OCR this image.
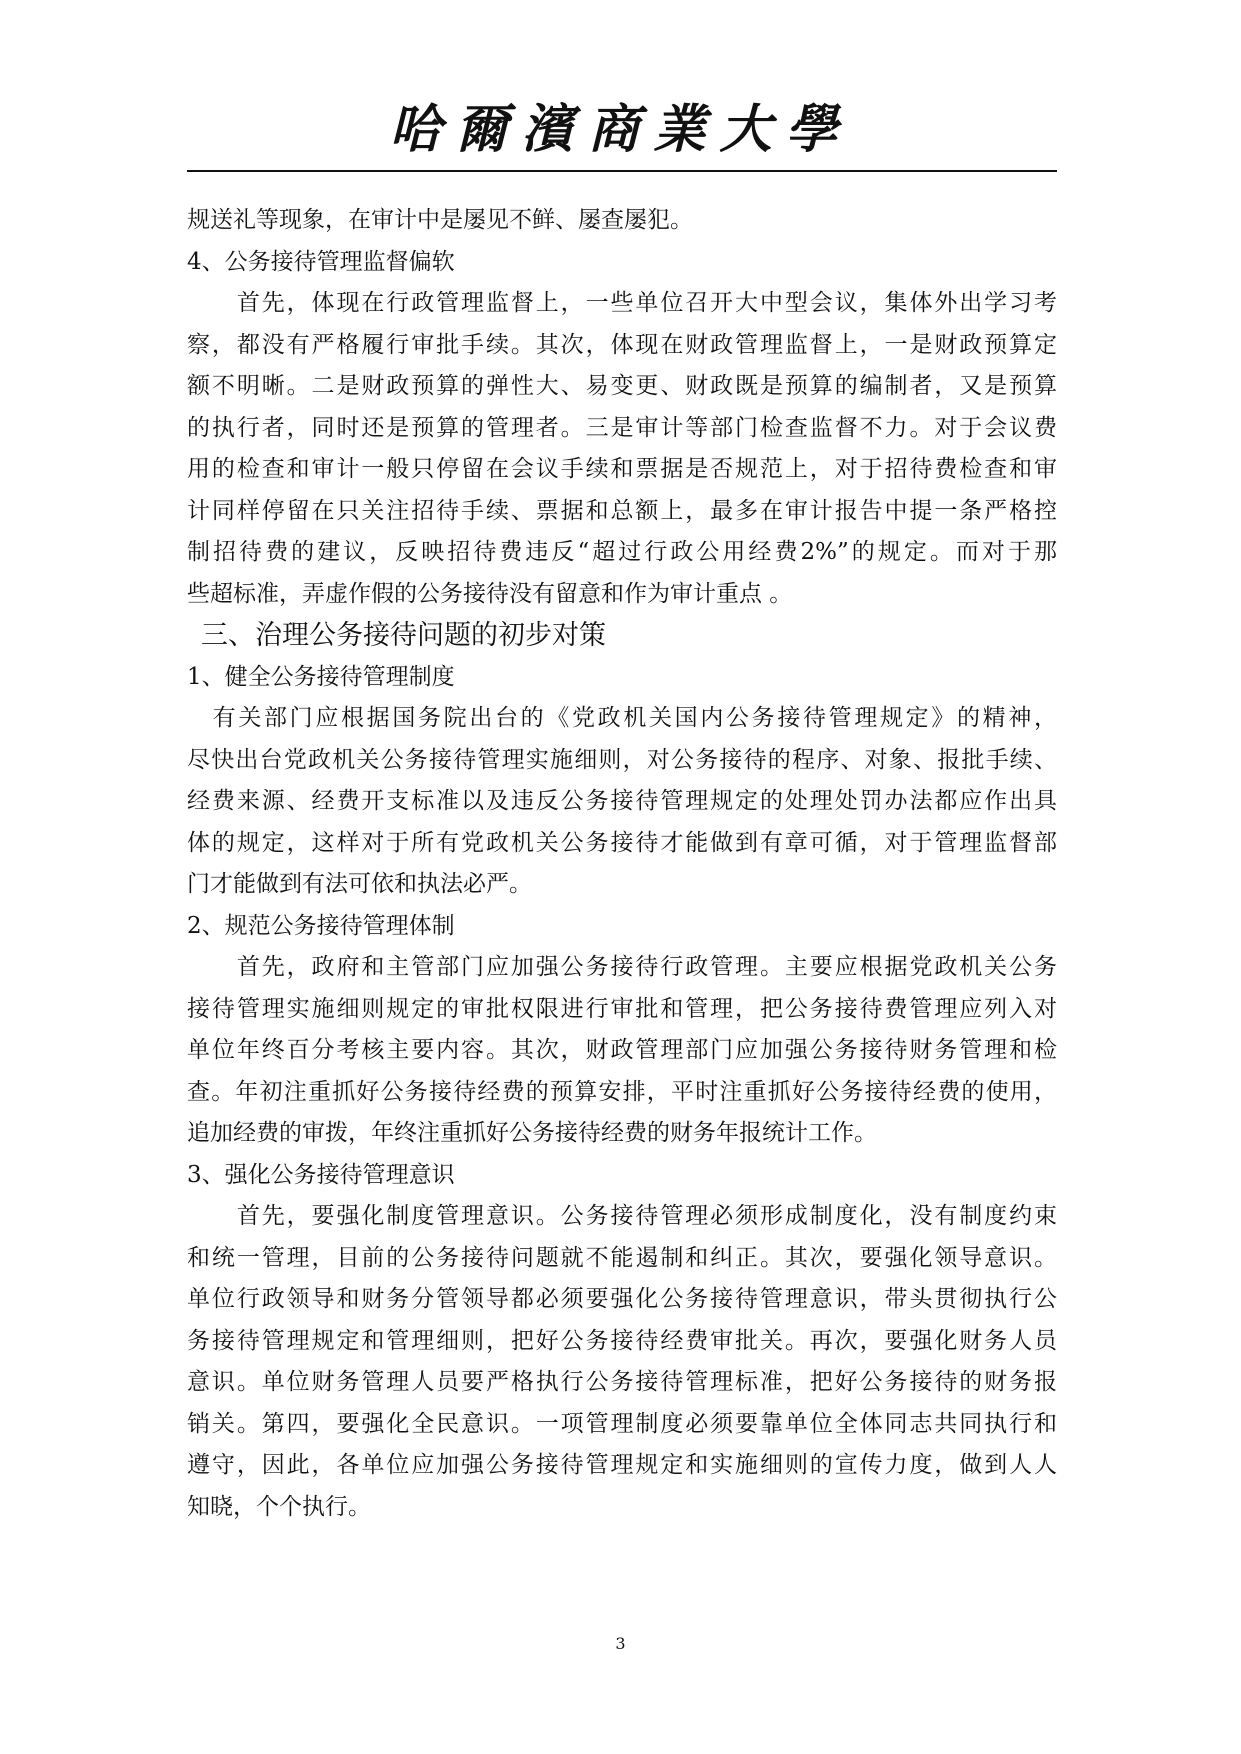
哈爾濱商業大學
规送礼等现象，在审计中是屡见不鲜、屡查屡犯。
4、公务接待管理监督偏软
　　首先，体现在行政管理监督上，一些单位召开大中型会议，集体外出学习考
察，都没有严格履行审批手续。其次，体现在财政管理监督上，一是财政预算定
额不明晰。二是财政预算的弹性大、易变更、财政既是预算的编制者，又是预算
的执行者，同时还是预算的管理者。三是审计等部门检查监督不力。对于会议费
用的检查和审计一般只停留在会议手续和票据是否规范上，对于招待费检查和审
计同样停留在只关注招待手续、票据和总额上，最多在审计报告中提一条严格控
制招待费的建议，反映招待费违反“超过行政公用经费2%”的规定。而对于那
些超标准，弄虚作假的公务接待没有留意和作为审计重点 。
三、治理公务接待问题的初步对策
1、健全公务接待管理制度
　有关部门应根据国务院出台的《党政机关国内公务接待管理规定》的精神，
尽快出台党政机关公务接待管理实施细则，对公务接待的程序、对象、报批手续、
经费来源、经费开支标准以及违反公务接待管理规定的处理处罚办法都应作出具
体的规定，这样对于所有党政机关公务接待才能做到有章可循，对于管理监督部
门才能做到有法可依和执法必严。
2、规范公务接待管理体制
　　首先，政府和主管部门应加强公务接待行政管理。主要应根据党政机关公务
接待管理实施细则规定的审批权限进行审批和管理，把公务接待费管理应列入对
单位年终百分考核主要内容。其次，财政管理部门应加强公务接待财务管理和检
查。年初注重抓好公务接待经费的预算安排，平时注重抓好公务接待经费的使用，
追加经费的审拨，年终注重抓好公务接待经费的财务年报统计工作。
3、强化公务接待管理意识
　　首先，要强化制度管理意识。公务接待管理必须形成制度化，没有制度约束
和统一管理，目前的公务接待问题就不能遏制和纠正。其次，要强化领导意识。
单位行政领导和财务分管领导都必须要强化公务接待管理意识，带头贯彻执行公
务接待管理规定和管理细则，把好公务接待经费审批关。再次，要强化财务人员
意识。单位财务管理人员要严格执行公务接待管理标准，把好公务接待的财务报
销关。第四，要强化全民意识。一项管理制度必须要靠单位全体同志共同执行和
遵守，因此，各单位应加强公务接待管理规定和实施细则的宣传力度，做到人人
知晓，个个执行。
3
